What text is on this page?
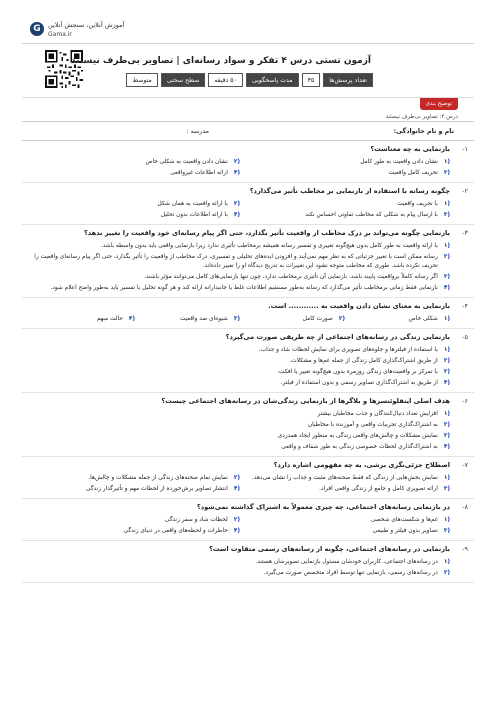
G	آموزش آنلاین، سنجش آنلاین
Gama.ir
آزمون تستی درس ۴ تفکر و سواد رسانه‌ای | تصاویر بی‌طرف نیستند
تعداد پرسش‌ها
۳۵
مدت پاسخگویی
۵۰ دقیقه
سطح سختی
متوسط
توضیح بندی
درس ۴: تصاویر بی‌طرف نیستند
نام و نام خانوادگی:
مدرسه :
-۱
بازنمایی به چه معناست؟
۱)
نشان دادن واقعیت به طور کامل
۲)
نشان دادن واقعیت به شکلی خاص
۳)
تحریف کامل واقعیت
۴)
ارائه اطلاعات غیرواقعی
-۲
چگونه رسانه با استفاده از بازنمایی بر مخاطب تأثیر می‌گذارد؟
۱)
با تحریف واقعیت
۲)
با ارائه واقعیت به همان شکل
۳)
با ارسال پیام به شکلی که مخاطب تفاوتی احساس نکند
۴)
با ارائه اطلاعات بدون تحلیل
-۳
بازنمایی چگونه می‌تواند بر درک مخاطب از واقعیت تأثیر بگذارد، حتی اگر پیام رسانه‌ای خود واقعیت را تغییر ندهد؟
۱)
با ارائه واقعیت به طور کامل بدون هیچ‌گونه تغییری و تفسیر رسانه همیشه برمخاطب تأثیری ندارد زیرا بازنمایی واقعی باید بدون واسطه باشد.
۲)
رسانه ممکن است با تغییر جزئیاتی که به نظر مهم نمی‌آیند و افزودن ایده‌های تحلیلی و تفسیری، درک مخاطب از واقعیت را تأثیر بگذارد، حتی اگر پیام رسانه‌ای واقعیت را تحریف نکرده باشد. طوری که مخاطب متوجه نشود این تغییرات به تدریج دیدگاه او را تغییر داده‌اند.
۳)
اگر رسانه کاملاً برواقعیت پایبند باشد، بازنمایی آن تأثیری برمخاطب ندارد، چون تنها بازنمایی‌های کامل می‌توانند مؤثر باشند.
۴)
بازنمایی فقط زمانی برمخاطب تأثیر می‌گذارد که رسانه به‌طور مستقیم اطلاعات غلط یا جانبدارانه ارائه کند و هر گونه تحلیل یا تفسیر باید به‌طور واضح اعلام شود.
-۴
بازنمایی به معنای نشان دادن واقعیت به ............ است.
۱)
شکلی خاص
۲)
صورت کامل
۳)
شیوه‌ای ضد واقعیت
۴)
حالت مبهم
-۵
بازنمایی زندگی در رسانه‌های اجتماعی از چه طریقی صورت می‌گیرد؟
۱)
با استفاده از فیلترها و جلوه‌های تصویری برای نمایش لحظات شاد و جذاب.
۲)
از طریق اشتراک‌گذاری کامل زندگی از جمله غم‌ها و مشکلات.
۳)
با تمرکز بر واقعیت‌های زندگی روزمره بدون هیچ‌گونه تغییر یا افکت.
۴)
از طریق به اشتراک‌گذاری تصاویر رسمی و بدون استفاده از فیلتر.
-۶
هدف اصلی اینفلوئنسرها و بلاگرها از بازنمایی زندگی‌شان در رسانه‌های اجتماعی چیست؟
۱)
افزایش تعداد دنبال‌کنندگان و جذب مخاطبان بیشتر
۲)
به اشتراک‌گذاری تجربیات واقعی و آموزنده با مخاطبان
۳)
نمایش مشکلات و چالش‌های واقعی زندگی به منظور ایجاد همدردی
۴)
به اشتراک‌گذاری لحظات خصوصی زندگی به طور شفاف و واقعی
-۷
اصطلاح جزئی‌نگری برشی، به چه مفهومی اشاره دارد؟
۱)
نمایش بخش‌هایی از زندگی که فقط صحنه‌های مثبت و جذاب را نشان می‌دهد.
۲)
نمایش تمام صحنه‌های زندگی از جمله مشکلات و چالش‌ها.
۳)
ارائه تصویری کامل و جامع از زندگی واقعی افراد.
۴)
انتشار تصاویر برش‌خورده از لحظات مهم و تأثیرگذار زندگی
-۸
در بازنمایی رسانه‌های اجتماعی، چه چیزی معمولاً به اشتراک گذاشته نمی‌شود؟
۱)
غم‌ها و شکست‌های شخصی
۲)
لحظات شاد و سفر زندگی
۳)
تصاویر بدون فیلتر و طبیعی
۴)
خاطرات و لحظه‌های واقعی در دنیای زندگی
-۹
بازنمایی در رسانه‌های اجتماعی، چگونه از رسانه‌های رسمی متفاوت است؟
۱)
در رسانه‌های اجتماعی، کاربران خودشان مسئول بازنمایی تصویرشان هستند.
۲)
در رسانه‌های رسمی، بازنمایی تنها توسط افراد متخصص صورت می‌گیرد.
